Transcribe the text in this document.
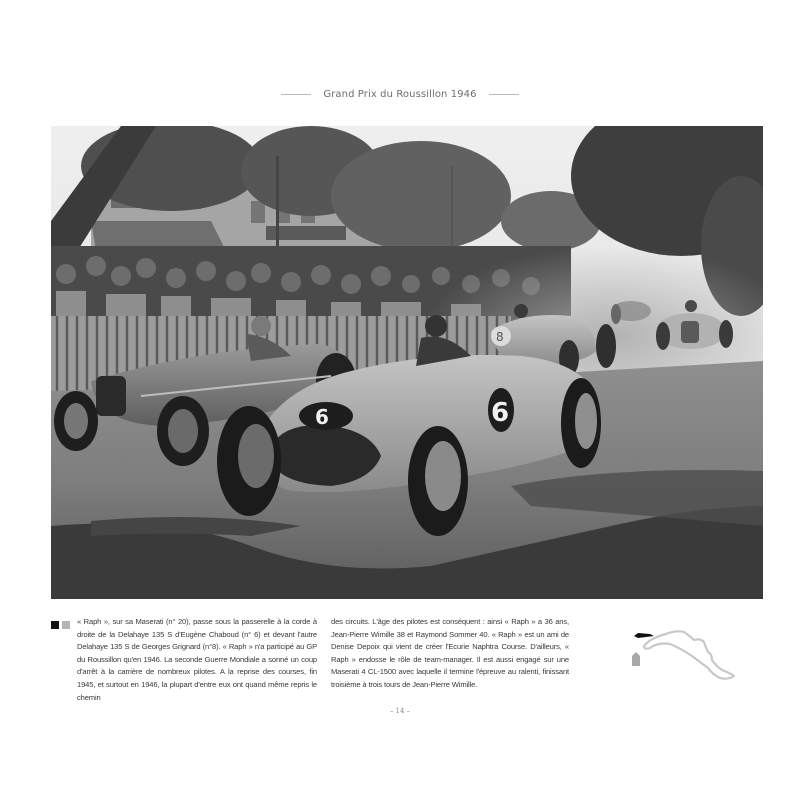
Grand Prix du Roussillon 1946
8
6	6
« Raph », sur sa Maserati (n° 20), passe sous la passerelle à la corde à droite de la Delahaye 135 S d'Eugène Chaboud (n° 6) et devant l'autre Delahaye 135 S de Georges Grignard (n°8). « Raph » n'a participé au GP du Roussillon qu'en 1946. La seconde Guerre Mondiale a sonné un coup d'arrêt à la carrière de nombreux pilotes. A la reprise des courses, fin 1945, et surtout en 1946, la plupart d'entre eux ont quand même repris le chemin
des circuits. L'âge des pilotes est conséquent : ainsi « Raph » a 36 ans, Jean-Pierre Wimille 38 et Raymond Sommer 40. « Raph » est un ami de Denise Depoix qui vient de créer l'Ecurie Naphtra Course. D'ailleurs, « Raph » endosse le rôle de team-manager. Il est aussi engagé sur une Maserati 4 CL-1500 avec laquelle il termine l'épreuve au ralenti, finissant troisième à trois tours de Jean-Pierre Wimille.
– 14 –
